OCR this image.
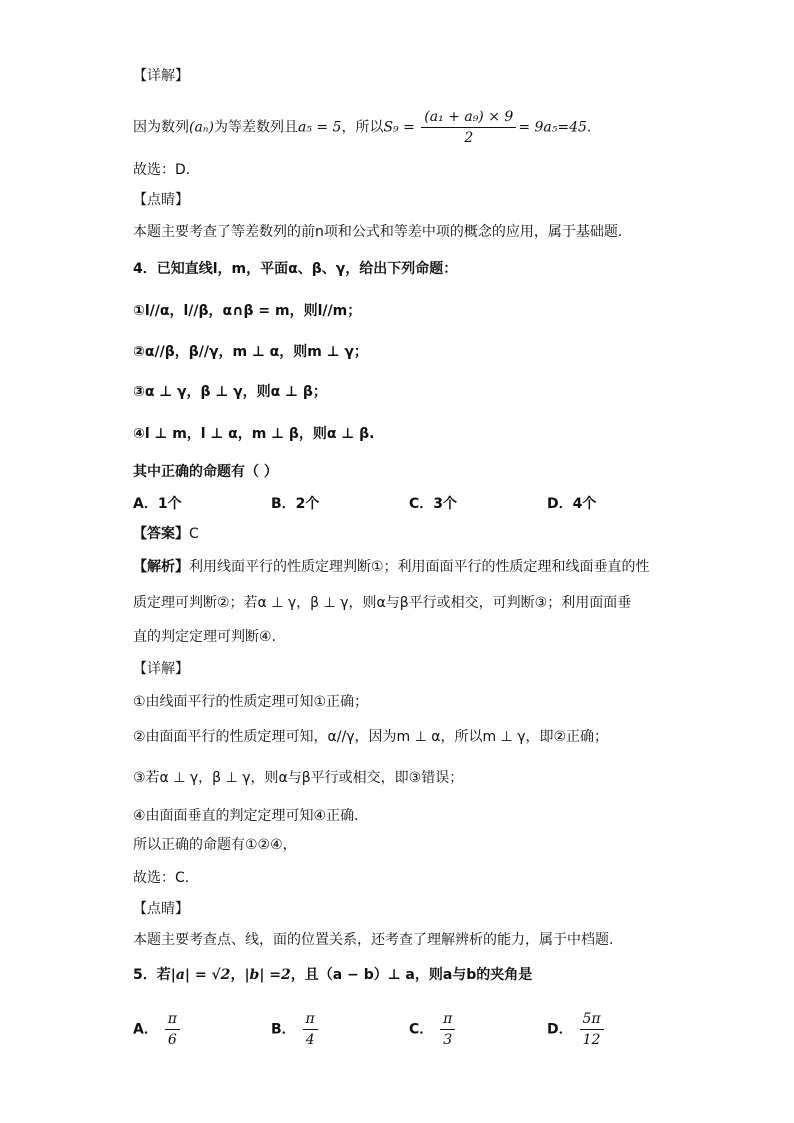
【详解】
因为数列(aₙ)为等差数列且a₅ = 5，所以$S_9 = \frac{\text{(a₁ + a₉) × 9}}{2} = 9a_5=45$.
故选：D.
【点睛】
本题主要考查了等差数列的前n项和公式和等差中项的概念的应用，属于基础题.
4．已知直线l，m，平面α、β、γ，给出下列命题：
①l//α，l//β，α∩β = m，则l//m；
②α//β，β//γ，m ⊥ α，则m ⊥ γ；
③α ⊥ γ，β ⊥ γ，则α ⊥ β；
④l ⊥ m，l ⊥ α，m ⊥ β，则α ⊥ β.
其中正确的命题有（ ）
A．1个	B．2个	C．3个	D．4个
【答案】C
【解析】利用线面平行的性质定理判断①；利用面面平行的性质定理和线面垂直的性
质定理可判断②；若α ⊥ γ，β ⊥ γ，则α与β平行或相交，可判断③；利用面面垂
直的判定定理可判断④.
【详解】
①由线面平行的性质定理可知①正确；
②由面面平行的性质定理可知，α//γ，因为m ⊥ α，所以m ⊥ γ，即②正确；
③若α ⊥ γ，β ⊥ γ，则α与β平行或相交，即③错误；
④由面面垂直的判定定理可知④正确.
所以正确的命题有①②④，
故选：C.
【点睛】
本题主要考查点、线，面的位置关系，还考查了理解辨析的能力，属于中档题.
5．若|a| = √2，|b| =2，且（a − b）⊥ a，则a与b的夹角是
A． $\frac{\pi}{6}$	B． $\frac{\pi}{4}$	C． $\frac{\pi}{3}$	D． $\frac{5\pi}{12}$
